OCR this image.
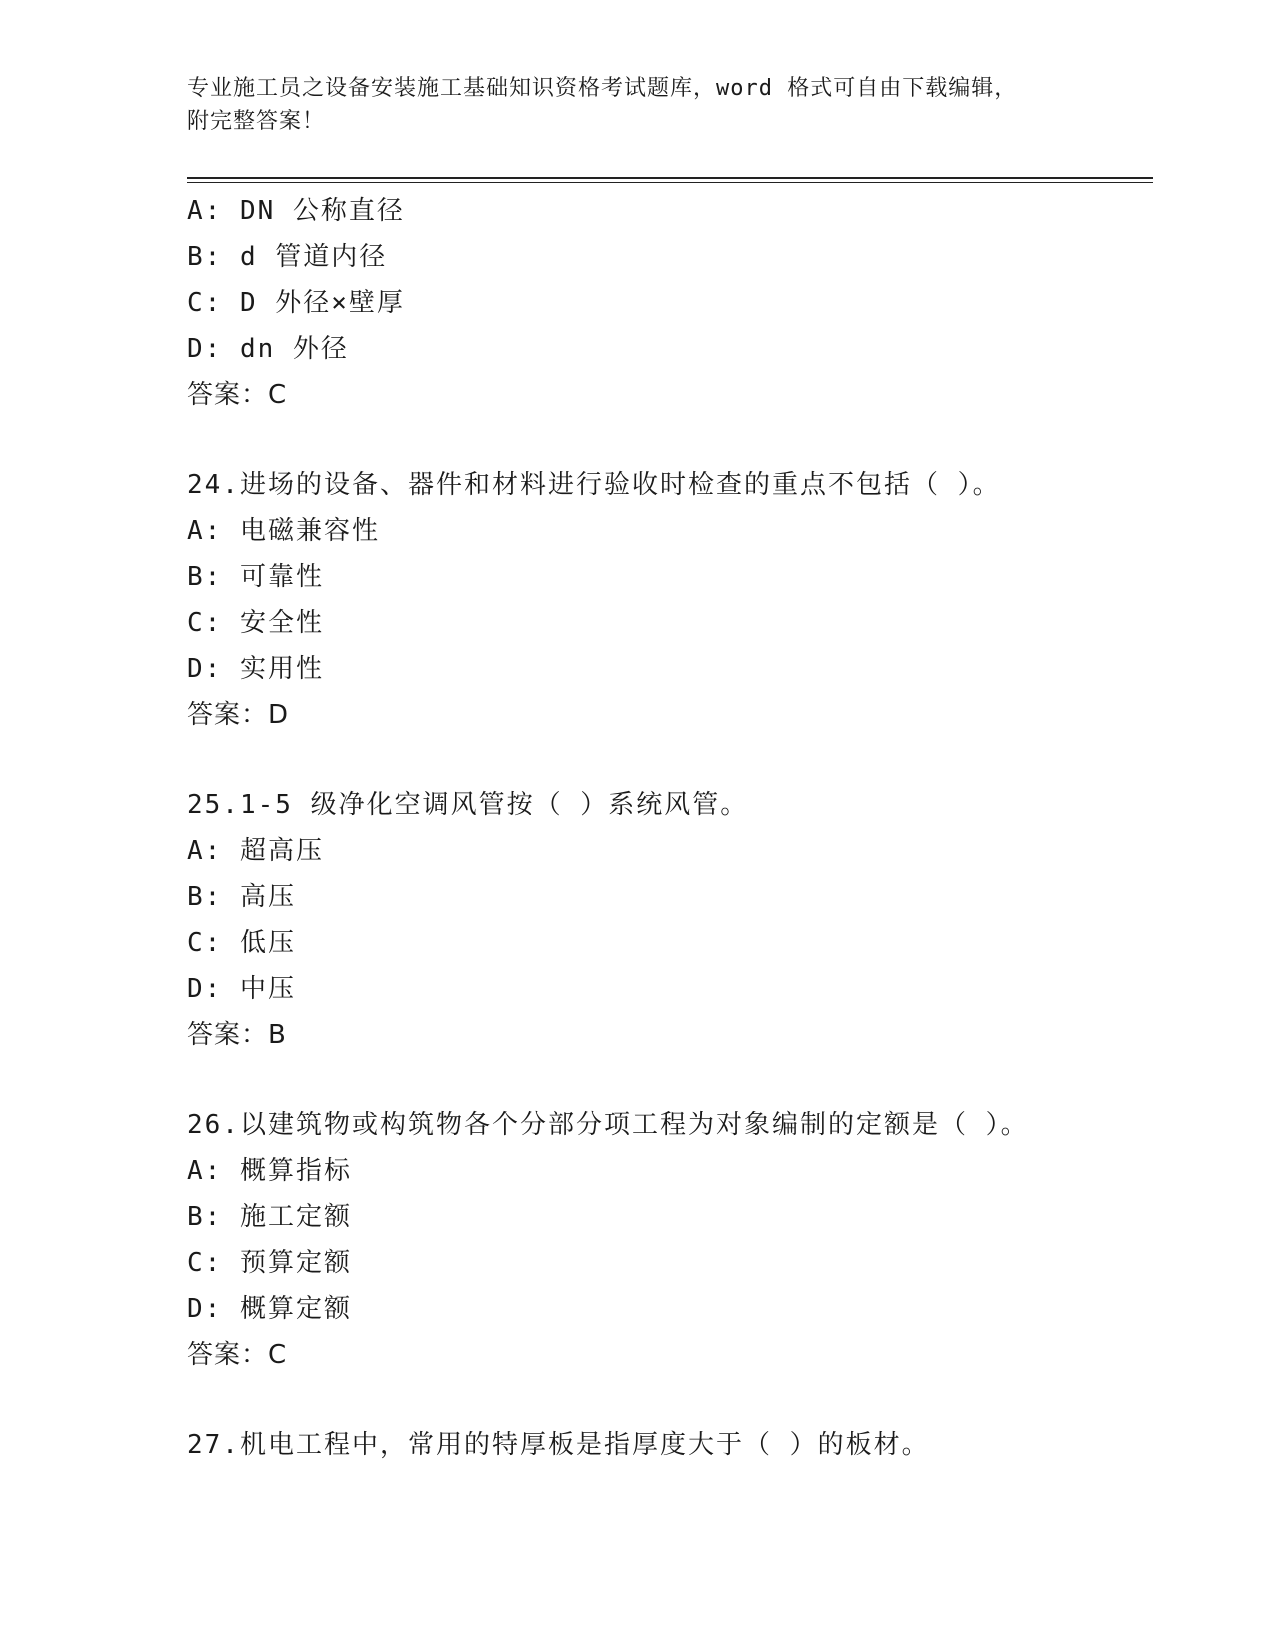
专业施工员之设备安装施工基础知识资格考试题库，word 格式可自由下载编辑，
附完整答案！
A: DN 公称直径
B: d 管道内径
C: D 外径×壁厚
D: dn 外径
答案：C
24.进场的设备、器件和材料进行验收时检查的重点不包括（ ）。
A: 电磁兼容性
B: 可靠性
C: 安全性
D: 实用性
答案：D
25.1-5 级净化空调风管按（ ）系统风管。
A: 超高压
B: 高压
C: 低压
D: 中压
答案：B
26.以建筑物或构筑物各个分部分项工程为对象编制的定额是（ ）。
A: 概算指标
B: 施工定额
C: 预算定额
D: 概算定额
答案：C
27.机电工程中，常用的特厚板是指厚度大于（ ）的板材。
